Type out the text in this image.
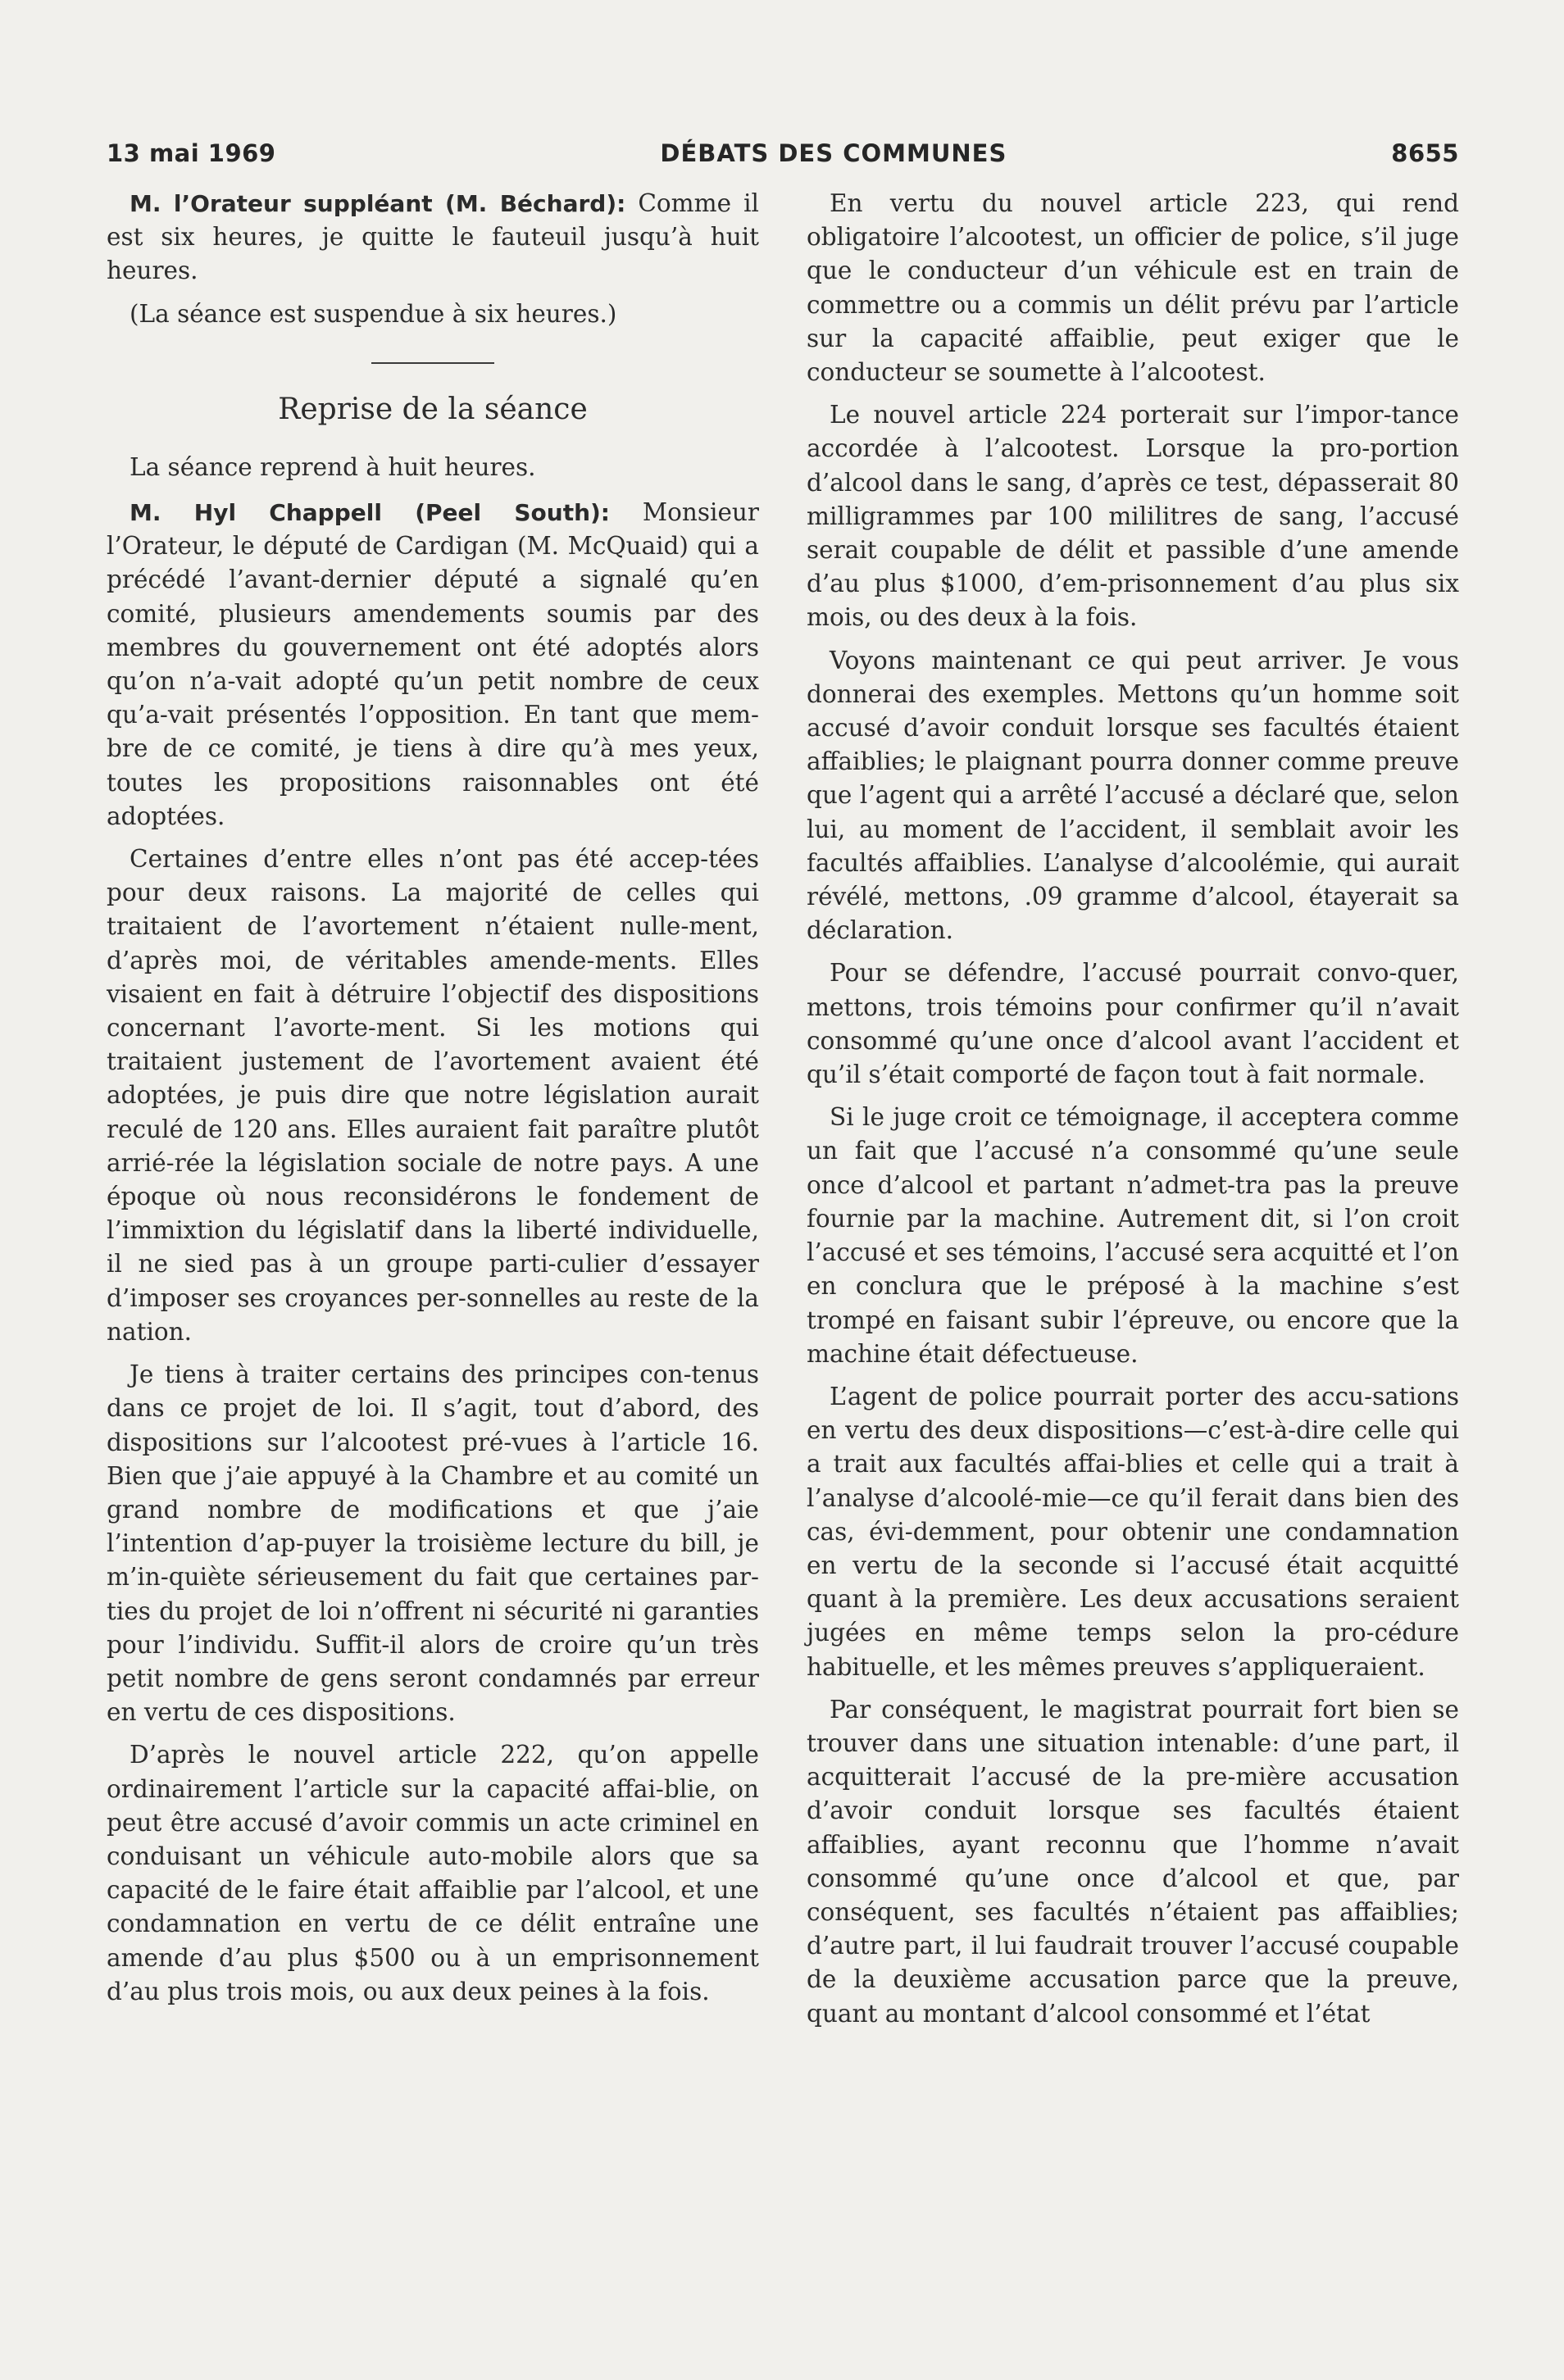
13 mai 1969	DÉBATS DES COMMUNES	8655

M. l’Orateur suppléant (M. Béchard): Comme il est six heures, je quitte le fauteuil jusqu’à huit heures.

(La séance est suspendue à six heures.)

Reprise de la séance

La séance reprend à huit heures.

M. Hyl Chappell (Peel South): Monsieur l’Orateur, le député de Cardigan (M. McQuaid) qui a précédé l’avant-dernier député a signalé qu’en comité, plusieurs amendements soumis par des membres du gouvernement ont été adoptés alors qu’on n’a-vait adopté qu’un petit nombre de ceux qu’a-vait présentés l’opposition. En tant que mem-bre de ce comité, je tiens à dire qu’à mes yeux, toutes les propositions raisonnables ont été adoptées.

Certaines d’entre elles n’ont pas été accep-tées pour deux raisons. La majorité de celles qui traitaient de l’avortement n’étaient nulle-ment, d’après moi, de véritables amende-ments. Elles visaient en fait à détruire l’objectif des dispositions concernant l’avorte-ment. Si les motions qui traitaient justement de l’avortement avaient été adoptées, je puis dire que notre législation aurait reculé de 120 ans. Elles auraient fait paraître plutôt arrié-rée la législation sociale de notre pays. A une époque où nous reconsidérons le fondement de l’immixtion du législatif dans la liberté individuelle, il ne sied pas à un groupe parti-culier d’essayer d’imposer ses croyances per-sonnelles au reste de la nation.

Je tiens à traiter certains des principes con-tenus dans ce projet de loi. Il s’agit, tout d’abord, des dispositions sur l’alcootest pré-vues à l’article 16. Bien que j’aie appuyé à la Chambre et au comité un grand nombre de modifications et que j’aie l’intention d’ap-puyer la troisième lecture du bill, je m’in-quiète sérieusement du fait que certaines par-ties du projet de loi n’offrent ni sécurité ni garanties pour l’individu. Suffit-il alors de croire qu’un très petit nombre de gens seront condamnés par erreur en vertu de ces dispositions.

D’après le nouvel article 222, qu’on appelle ordinairement l’article sur la capacité affai-blie, on peut être accusé d’avoir commis un acte criminel en conduisant un véhicule auto-mobile alors que sa capacité de le faire était affaiblie par l’alcool, et une condamnation en vertu de ce délit entraîne une amende d’au plus $500 ou à un emprisonnement d’au plus trois mois, ou aux deux peines à la fois.

En vertu du nouvel article 223, qui rend obligatoire l’alcootest, un officier de police, s’il juge que le conducteur d’un véhicule est en train de commettre ou a commis un délit prévu par l’article sur la capacité affaiblie, peut exiger que le conducteur se soumette à l’alcootest.

Le nouvel article 224 porterait sur l’impor-tance accordée à l’alcootest. Lorsque la pro-portion d’alcool dans le sang, d’après ce test, dépasserait 80 milligrammes par 100 mililitres de sang, l’accusé serait coupable de délit et passible d’une amende d’au plus $1000, d’em-prisonnement d’au plus six mois, ou des deux à la fois.

Voyons maintenant ce qui peut arriver. Je vous donnerai des exemples. Mettons qu’un homme soit accusé d’avoir conduit lorsque ses facultés étaient affaiblies; le plaignant pourra donner comme preuve que l’agent qui a arrêté l’accusé a déclaré que, selon lui, au moment de l’accident, il semblait avoir les facultés affaiblies. L’analyse d’alcoolémie, qui aurait révélé, mettons, .09 gramme d’alcool, étayerait sa déclaration.

Pour se défendre, l’accusé pourrait convo-quer, mettons, trois témoins pour confirmer qu’il n’avait consommé qu’une once d’alcool avant l’accident et qu’il s’était comporté de façon tout à fait normale.

Si le juge croit ce témoignage, il acceptera comme un fait que l’accusé n’a consommé qu’une seule once d’alcool et partant n’admet-tra pas la preuve fournie par la machine. Autrement dit, si l’on croit l’accusé et ses témoins, l’accusé sera acquitté et l’on en conclura que le préposé à la machine s’est trompé en faisant subir l’épreuve, ou encore que la machine était défectueuse.

L’agent de police pourrait porter des accu-sations en vertu des deux dispositions—c’est-à-dire celle qui a trait aux facultés affai-blies et celle qui a trait à l’analyse d’alcoolé-mie—ce qu’il ferait dans bien des cas, évi-demment, pour obtenir une condamnation en vertu de la seconde si l’accusé était acquitté quant à la première. Les deux accusations seraient jugées en même temps selon la pro-cédure habituelle, et les mêmes preuves s’appliqueraient.

Par conséquent, le magistrat pourrait fort bien se trouver dans une situation intenable: d’une part, il acquitterait l’accusé de la pre-mière accusation d’avoir conduit lorsque ses facultés étaient affaiblies, ayant reconnu que l’homme n’avait consommé qu’une once d’alcool et que, par conséquent, ses facultés n’étaient pas affaiblies; d’autre part, il lui faudrait trouver l’accusé coupable de la deuxième accusation parce que la preuve, quant au montant d’alcool consommé et l’état
